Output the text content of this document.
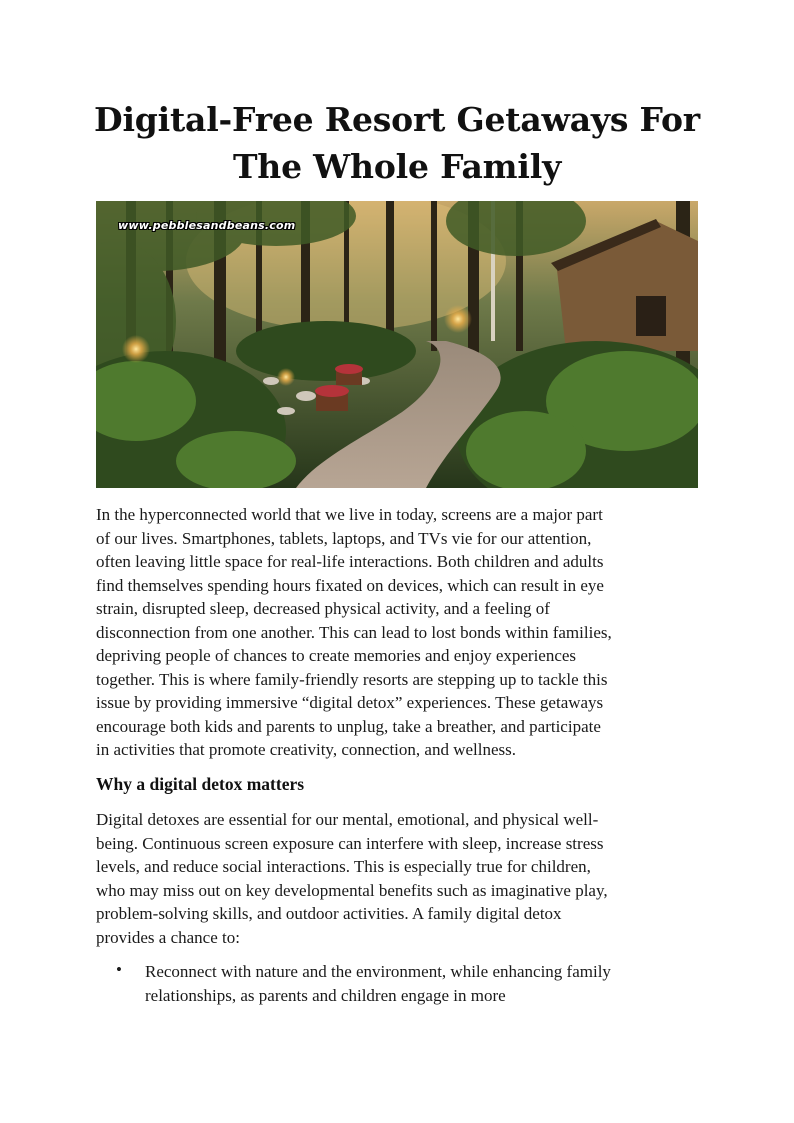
Digital-Free Resort Getaways For
The Whole Family
www.pebblesandbeans.com

In the hyperconnected world that we live in today, screens are a major part
of our lives. Smartphones, tablets, laptops, and TVs vie for our attention,
often leaving little space for real-life interactions. Both children and adults
find themselves spending hours fixated on devices, which can result in eye
strain, disrupted sleep, decreased physical activity, and a feeling of
disconnection from one another. This can lead to lost bonds within families,
depriving people of chances to create memories and enjoy experiences
together. This is where family-friendly resorts are stepping up to tackle this
issue by providing immersive “digital detox” experiences. These getaways
encourage both kids and parents to unplug, take a breather, and participate
in activities that promote creativity, connection, and wellness.

Why a digital detox matters

Digital detoxes are essential for our mental, emotional, and physical well-
being. Continuous screen exposure can interfere with sleep, increase stress
levels, and reduce social interactions. This is especially true for children,
who may miss out on key developmental benefits such as imaginative play,
problem-solving skills, and outdoor activities. A family digital detox
provides a chance to:

• Reconnect with nature and the environment, while enhancing family
relationships, as parents and children engage in more
